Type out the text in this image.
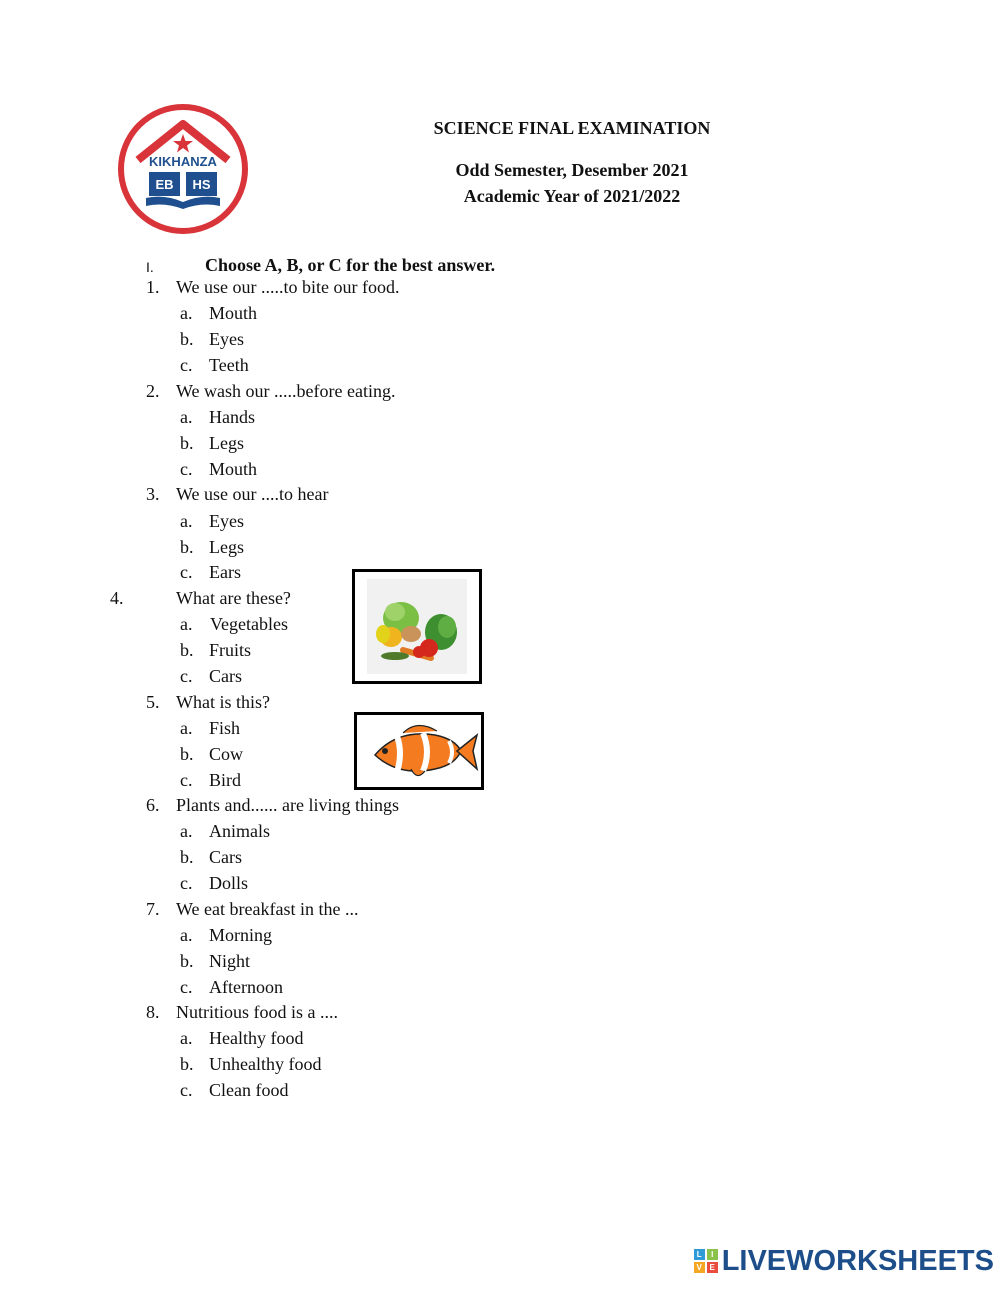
KIKHANZA
EB HS
SCIENCE FINAL EXAMINATION
Odd Semester, Desember 2021
Academic Year of 2021/2022
I.	Choose A, B, or C for the best answer.
1. We use our .....to bite our food.
a. Mouth
b. Eyes
c. Teeth
2. We wash our .....before eating.
a. Hands
b. Legs
c. Mouth
3. We use our ....to hear
a. Eyes
b. Legs
c. Ears
4.	What are these?
a. Vegetables
b. Fruits
c. Cars
5. What is this?
a. Fish
b. Cow
c. Bird
6. Plants and...... are living things
a. Animals
b. Cars
c. Dolls
7. We eat breakfast in the ...
a. Morning
b. Night
c. Afternoon
8. Nutritious food is a ....
a. Healthy food
b. Unhealthy food
c. Clean food
L	I
V E LIVEWORKSHEETS
